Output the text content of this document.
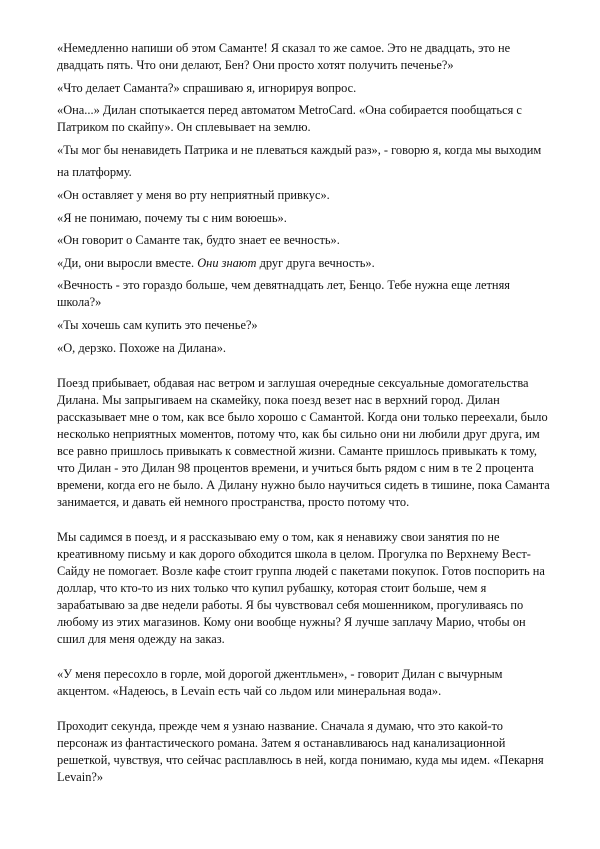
«Немедленно напиши об этом Саманте! Я сказал то же самое. Это не двадцать, это не
двадцать пять. Что они делают, Бен? Они просто хотят получить печенье?»

«Что делает Саманта?» спрашиваю я, игнорируя вопрос.

«Она...» Дилан спотыкается перед автоматом MetroCard. «Она собирается пообщаться с
Патриком по скайпу». Он сплевывает на землю.

«Ты мог бы ненавидеть Патрика и не плеваться каждый раз», - говорю я, когда мы выходим

на платформу.

«Он оставляет у меня во рту неприятный привкус».

«Я не понимаю, почему ты с ним воюешь».

«Он говорит о Саманте так, будто знает ее вечность».

«Ди, они выросли вместе. Они знают друг друга вечность».

«Вечность - это гораздо больше, чем девятнадцать лет, Бенцо. Тебе нужна еще летняя
школа?»

«Ты хочешь сам купить это печенье?»

«О, дерзко. Похоже на Дилана».

Поезд прибывает, обдавая нас ветром и заглушая очередные сексуальные домогательства
Дилана. Мы запрыгиваем на скамейку, пока поезд везет нас в верхний город. Дилан
рассказывает мне о том, как все было хорошо с Самантой. Когда они только переехали, было
несколько неприятных моментов, потому что, как бы сильно они ни любили друг друга, им
все равно пришлось привыкать к совместной жизни. Саманте пришлось привыкать к тому,
что Дилан - это Дилан 98 процентов времени, и учиться быть рядом с ним в те 2 процента
времени, когда его не было. А Дилану нужно было научиться сидеть в тишине, пока Саманта
занимается, и давать ей немного пространства, просто потому что.

Мы садимся в поезд, и я рассказываю ему о том, как я ненавижу свои занятия по не
креативному письму и как дорого обходится школа в целом. Прогулка по Верхнему Вест-
Сайду не помогает. Возле кафе стоит группа людей с пакетами покупок. Готов поспорить на
доллар, что кто-то из них только что купил рубашку, которая стоит больше, чем я
зарабатываю за две недели работы. Я бы чувствовал себя мошенником, прогуливаясь по
любому из этих магазинов. Кому они вообще нужны? Я лучше заплачу Марио, чтобы он
сшил для меня одежду на заказ.

«У меня пересохло в горле, мой дорогой джентльмен», - говорит Дилан с вычурным
акцентом. «Надеюсь, в Levain есть чай со льдом или минеральная вода».

Проходит секунда, прежде чем я узнаю название. Сначала я думаю, что это какой-то
персонаж из фантастического романа. Затем я останавливаюсь над канализационной
решеткой, чувствуя, что сейчас расплавлюсь в ней, когда понимаю, куда мы идем. «Пекарня
Levain?»
